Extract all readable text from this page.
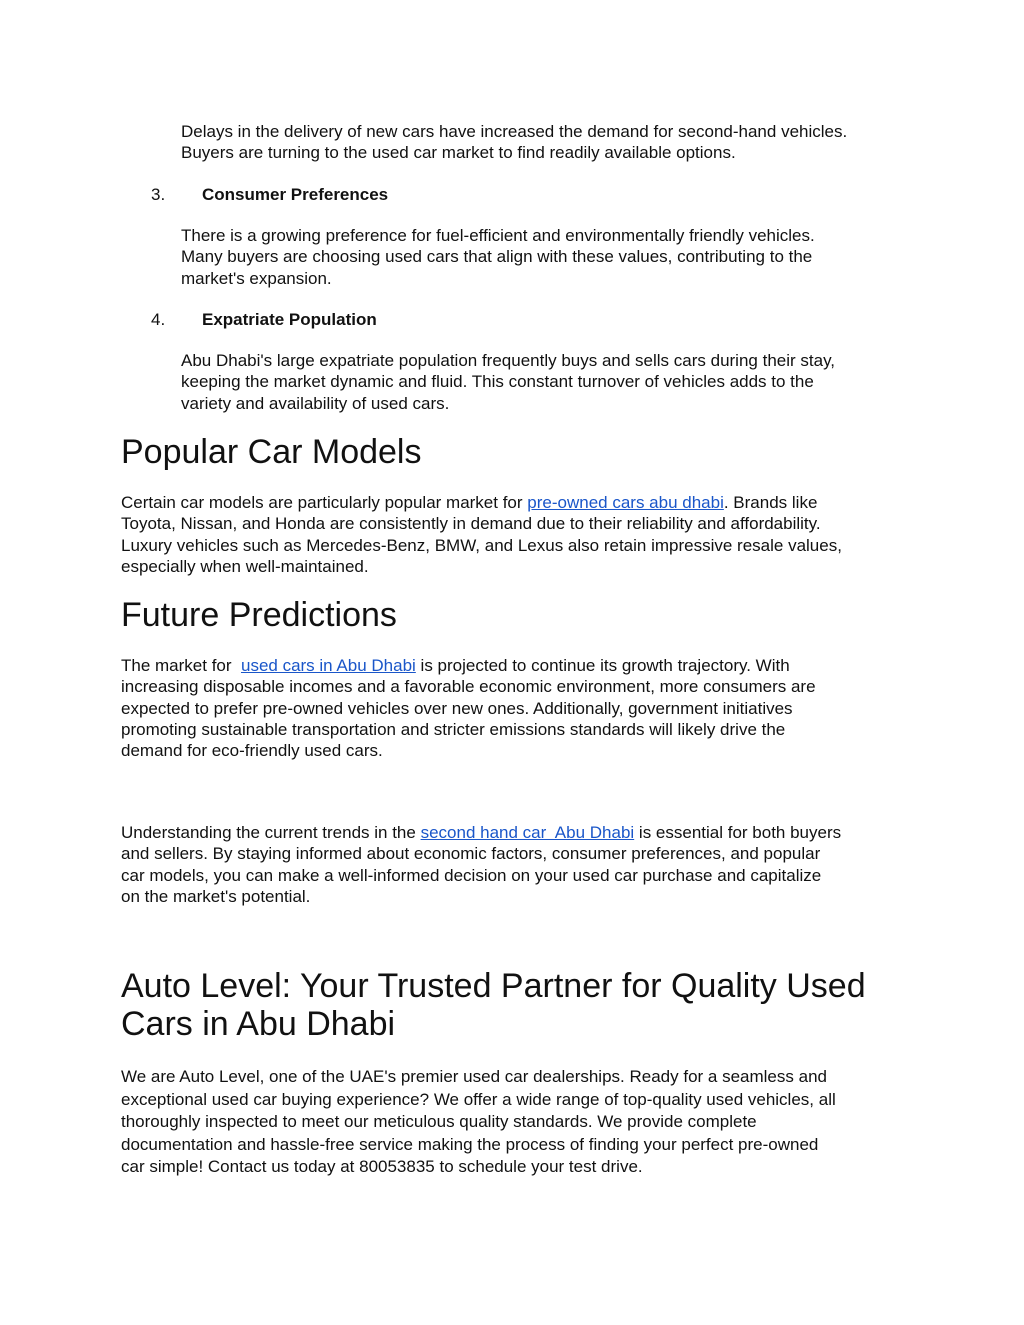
Delays in the delivery of new cars have increased the demand for second-hand vehicles.
Buyers are turning to the used car market to find readily available options.
3. Consumer Preferences
There is a growing preference for fuel-efficient and environmentally friendly vehicles.
Many buyers are choosing used cars that align with these values, contributing to the
market's expansion.
4. Expatriate Population
Abu Dhabi's large expatriate population frequently buys and sells cars during their stay,
keeping the market dynamic and fluid. This constant turnover of vehicles adds to the
variety and availability of used cars.
Popular Car Models
Certain car models are particularly popular market for pre-owned cars abu dhabi. Brands like
Toyota, Nissan, and Honda are consistently in demand due to their reliability and affordability.
Luxury vehicles such as Mercedes-Benz, BMW, and Lexus also retain impressive resale values,
especially when well-maintained.
Future Predictions
The market for  used cars in Abu Dhabi is projected to continue its growth trajectory. With
increasing disposable incomes and a favorable economic environment, more consumers are
expected to prefer pre-owned vehicles over new ones. Additionally, government initiatives
promoting sustainable transportation and stricter emissions standards will likely drive the
demand for eco-friendly used cars.
Understanding the current trends in the second hand car  Abu Dhabi is essential for both buyers
and sellers. By staying informed about economic factors, consumer preferences, and popular
car models, you can make a well-informed decision on your used car purchase and capitalize
on the market's potential.
Auto Level: Your Trusted Partner for Quality Used
Cars in Abu Dhabi
We are Auto Level, one of the UAE's premier used car dealerships. Ready for a seamless and
exceptional used car buying experience? We offer a wide range of top-quality used vehicles, all
thoroughly inspected to meet our meticulous quality standards. We provide complete
documentation and hassle-free service making the process of finding your perfect pre-owned
car simple! Contact us today at 80053835 to schedule your test drive.
